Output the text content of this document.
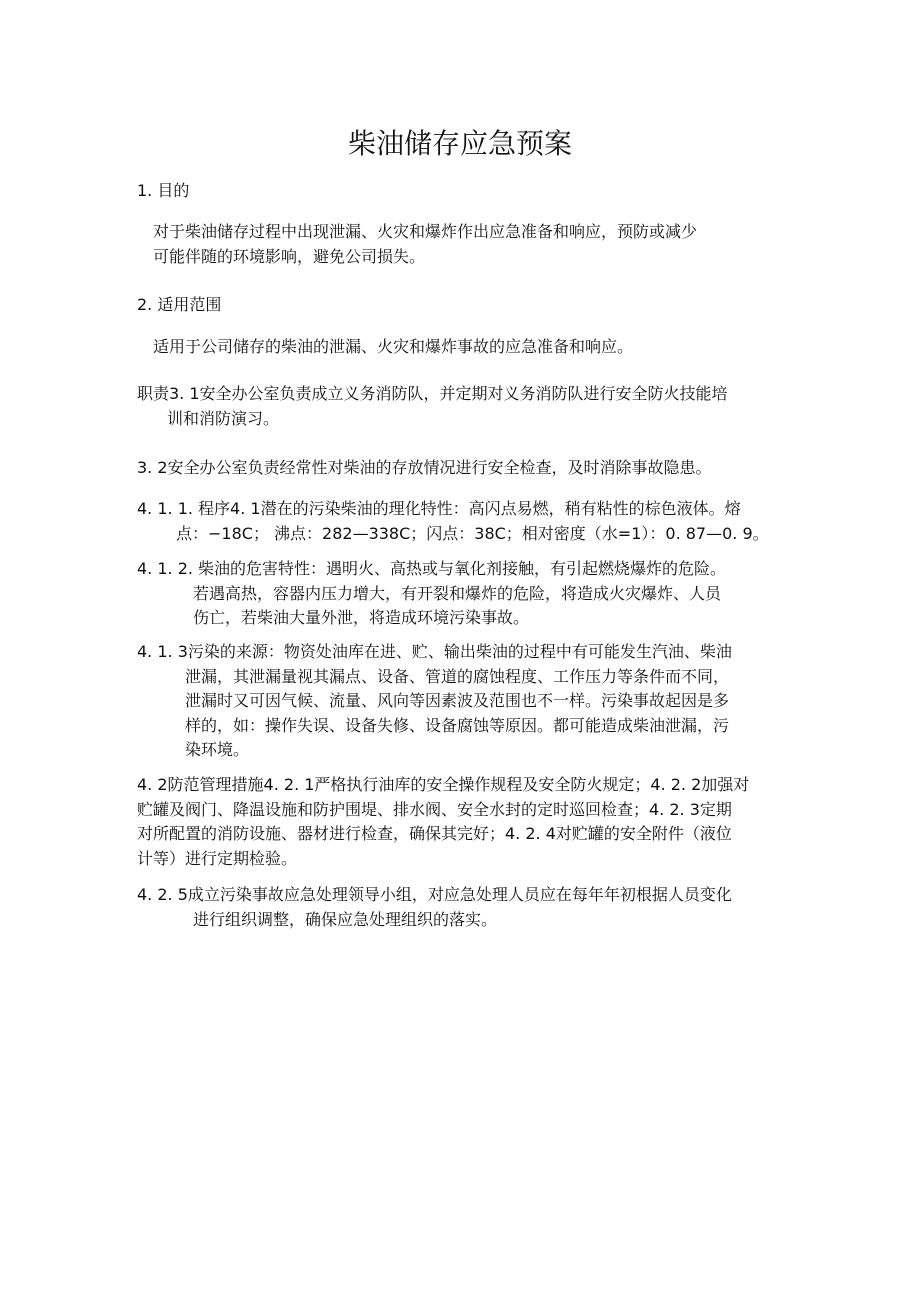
柴油储存应急预案

1. 目的

对于柴油储存过程中出现泄漏、火灾和爆炸作出应急准备和响应，预防或减少
可能伴随的环境影响，避免公司损失。

2. 适用范围

适用于公司储存的柴油的泄漏、火灾和爆炸事故的应急准备和响应。
职责3. 1安全办公室负责成立义务消防队，并定期对义务消防队进行安全防火技能培
训和消防演习。
3. 2安全办公室负责经常性对柴油的存放情况进行安全检查，及时消除事故隐患。
4. 1. 1. 程序4. 1潜在的污染柴油的理化特性：高闪点易燃，稍有粘性的棕色液体。熔
点：−18C； 沸点：282—338C；闪点：38C；相对密度（水=1）：0. 87—0. 9。
4. 1. 2. 柴油的危害特性：遇明火、高热或与氧化剂接触，有引起燃烧爆炸的危险。
若遇高热，容器内压力增大，有开裂和爆炸的危险，将造成火灾爆炸、人员
伤亡，若柴油大量外泄，将造成环境污染事故。
4. 1. 3污染的来源：物资处油库在进、贮、输出柴油的过程中有可能发生汽油、柴油
泄漏，其泄漏量视其漏点、设备、管道的腐蚀程度、工作压力等条件而不同，
泄漏时又可因气候、流量、风向等因素波及范围也不一样。污染事故起因是多
样的，如：操作失误、设备失修、设备腐蚀等原因。都可能造成柴油泄漏，污
染环境。
4. 2防范管理措施4. 2. 1严格执行油库的安全操作规程及安全防火规定；4. 2. 2加强对
贮罐及阀门、降温设施和防护围堤、排水阀、安全水封的定时巡回检查；4. 2. 3定期
对所配置的消防设施、器材进行检查，确保其完好；4. 2. 4对贮罐的安全附件（液位
计等）进行定期检验。
4. 2. 5成立污染事故应急处理领导小组，对应急处理人员应在每年年初根据人员变化
进行组织调整，确保应急处理组织的落实。
